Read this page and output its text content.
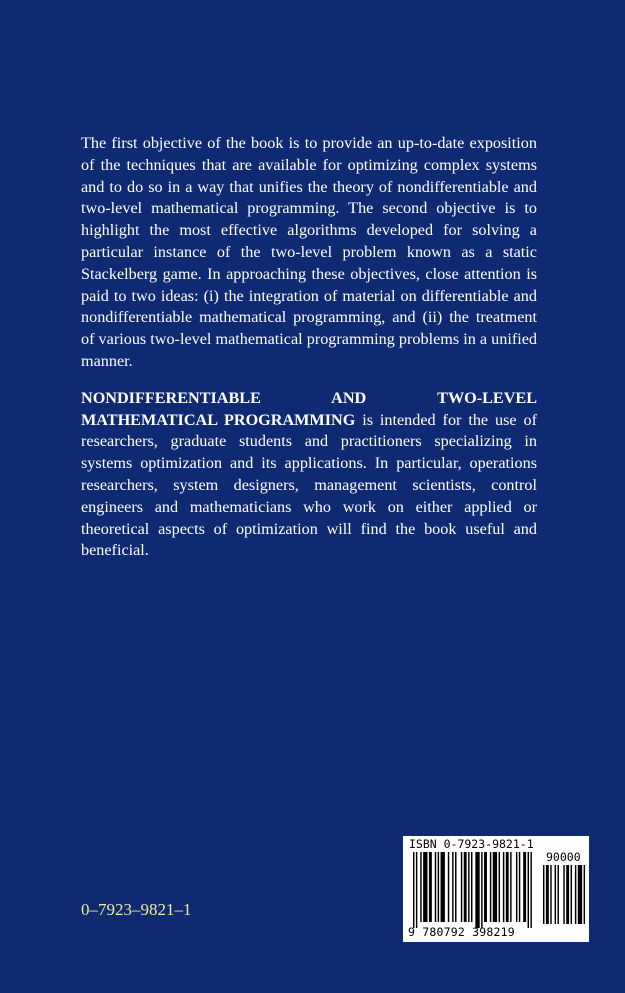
The first objective of the book is to provide an up-to-date exposition of the techniques that are available for optimizing complex systems and to do so in a way that unifies the theory of nondifferentiable and two-level mathematical programming. The second objective is to highlight the most effective algorithms developed for solving a particular instance of the two-level problem known as a static Stackelberg game. In approaching these objectives, close attention is paid to two ideas: (i) the integration of material on differentiable and nondifferentiable mathematical programming, and (ii) the treatment of various two-level mathematical programming problems in a unified manner.

NONDIFFERENTIABLE AND TWO-LEVEL MATHEMATICAL PROGRAMMING is intended for the use of researchers, graduate students and practitioners specializing in systems optimization and its applications. In particular, operations researchers, system designers, management scientists, control engineers and mathematicians who work on either applied or theoretical aspects of optimization will find the book useful and beneficial.

0–7923–9821–1
ISBN 0-7923-9821-1
90000
9 780792 398219
